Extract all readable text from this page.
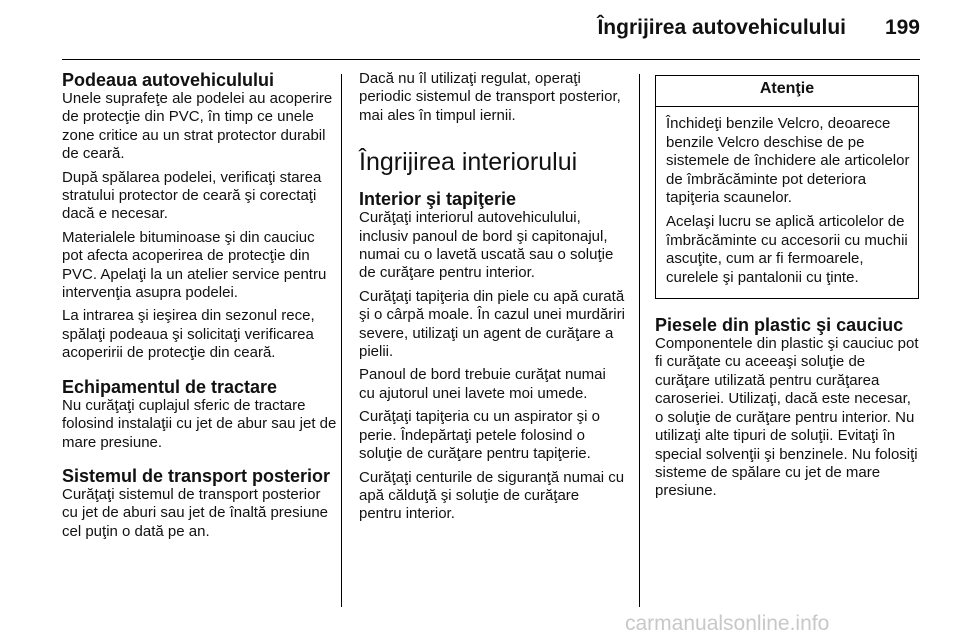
Îngrijirea autovehiculului 199
Podeaua autovehiculului

Unele suprafeţe ale podelei au acoperire de protecţie din PVC, în timp ce unele zone critice au un strat protector durabil de ceară.

După spălarea podelei, verificaţi starea stratului protector de ceară şi corectaţi dacă e necesar.

Materialele bituminoase şi din cauciuc pot afecta acoperirea de protecţie din PVC. Apelaţi la un atelier service pentru intervenţia asupra podelei.

La intrarea şi ieşirea din sezonul rece, spălaţi podeaua şi solicitaţi verificarea acoperirii de protecţie din ceară.

Echipamentul de tractare

Nu curăţaţi cuplajul sferic de tractare folosind instalaţii cu jet de abur sau jet de mare presiune.

Sistemul de transport posterior

Curăţaţi sistemul de transport posterior cu jet de aburi sau jet de înaltă presiune cel puţin o dată pe an.

Dacă nu îl utilizaţi regulat, operaţi periodic sistemul de transport posterior, mai ales în timpul iernii.

Îngrijirea interiorului
Interior şi tapiţerie

Curăţaţi interiorul autovehiculului, inclusiv panoul de bord şi capitonajul, numai cu o lavetă uscată sau o soluţie de curăţare pentru interior.

Curăţaţi tapiţeria din piele cu apă curată şi o cârpă moale. În cazul unei murdăriri severe, utilizaţi un agent de curăţare a pielii.

Panoul de bord trebuie curăţat numai cu ajutorul unei lavete moi umede.

Curăţaţi tapiţeria cu un aspirator şi o perie. Îndepărtaţi petele folosind o soluţie de curăţare pentru tapiţerie.

Curăţaţi centurile de siguranţă numai cu apă călduţă şi soluţie de curăţare pentru interior.

Atenţie

Închideţi benzile Velcro, deoarece benzile Velcro deschise de pe sistemele de închidere ale articolelor de îmbrăcăminte pot deteriora tapiţeria scaunelor.

Acelaşi lucru se aplică articolelor de îmbrăcăminte cu accesorii cu muchii ascuţite, cum ar fi fermoarele, curelele şi pantalonii cu ţinte.

Piesele din plastic şi cauciuc

Componentele din plastic şi cauciuc pot fi curăţate cu aceeaşi soluţie de curăţare utilizată pentru curăţarea caroseriei. Utilizaţi, dacă este necesar, o soluţie de curăţare pentru interior. Nu utilizaţi alte tipuri de soluţii. Evitaţi în special solvenţii şi benzinele. Nu folosiţi sisteme de spălare cu jet de mare presiune.

carmanualsonline.info
